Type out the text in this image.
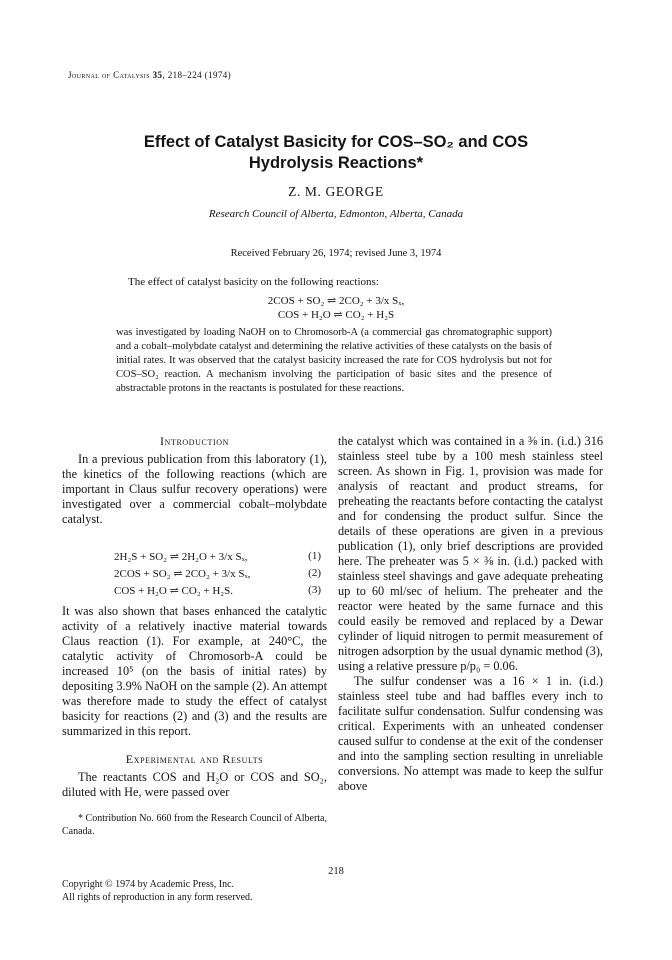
Journal of Catalysis 35, 218–224 (1974)
Effect of Catalyst Basicity for COS–SO₂ and COS
Hydrolysis Reactions*
Z. M. GEORGE
Research Council of Alberta, Edmonton, Alberta, Canada
Received February 26, 1974; revised June 3, 1974
The effect of catalyst basicity on the following reactions:
2COS + SO₂ ⇌ 2CO₂ + 3/x Sₓ,
COS + H₂O ⇌ CO₂ + H₂S
was investigated by loading NaOH on to Chromosorb-A (a commercial gas chromatographic support) and a cobalt–molybdate catalyst and determining the relative activities of these catalysts on the basis of initial rates. It was observed that the catalyst basicity increased the rate for COS hydrolysis but not for COS–SO₂ reaction. A mechanism involving the participation of basic sites and the presence of abstractable protons in the reactants is postulated for these reactions.
Introduction

In a previous publication from this laboratory (1), the kinetics of the following reactions (which are important in Claus sulfur recovery operations) were investigated over a commercial cobalt–molybdate catalyst.

2H₂S + SO₂ ⇌ 2H₂O + 3/x Sₓ,	(1)
2COS + SO₂ ⇌ 2CO₂ + 3/x Sₓ,	(2)
COS + H₂O ⇌ CO₂ + H₂S.	(3)

It was also shown that bases enhanced the catalytic activity of a relatively inactive material towards Claus reaction (1). For example, at 240°C, the catalytic activity of Chromosorb-A could be increased 10⁵ (on the basis of initial rates) by depositing 3.9% NaOH on the sample (2). An attempt was therefore made to study the effect of catalyst basicity for reactions (2) and (3) and the results are summarized in this report.

Experimental and Results

The reactants COS and H₂O or COS and SO₂, diluted with He, were passed over

* Contribution No. 660 from the Research Council of Alberta, Canada.

the catalyst which was contained in a ⅜ in. (i.d.) 316 stainless steel tube by a 100 mesh stainless steel screen. As shown in Fig. 1, provision was made for analysis of reactant and product streams, for preheating the reactants before contacting the catalyst and for condensing the product sulfur. Since the details of these operations are given in a previous publication (1), only brief descriptions are provided here. The preheater was 5 × ⅜ in. (i.d.) packed with stainless steel shavings and gave adequate preheating up to 60 ml/sec of helium. The preheater and the reactor were heated by the same furnace and this could easily be removed and replaced by a Dewar cylinder of liquid nitrogen to permit measurement of nitrogen adsorption by the usual dynamic method (3), using a relative pressure p/p₀ = 0.06.

The sulfur condenser was a 16 × 1 in. (i.d.) stainless steel tube and had baffles every inch to facilitate sulfur condensation. Sulfur condensing was critical. Experiments with an unheated condenser caused sulfur to condense at the exit of the condenser and into the sampling section resulting in unreliable conversions. No attempt was made to keep the sulfur above

218
Copyright © 1974 by Academic Press, Inc.
All rights of reproduction in any form reserved.
